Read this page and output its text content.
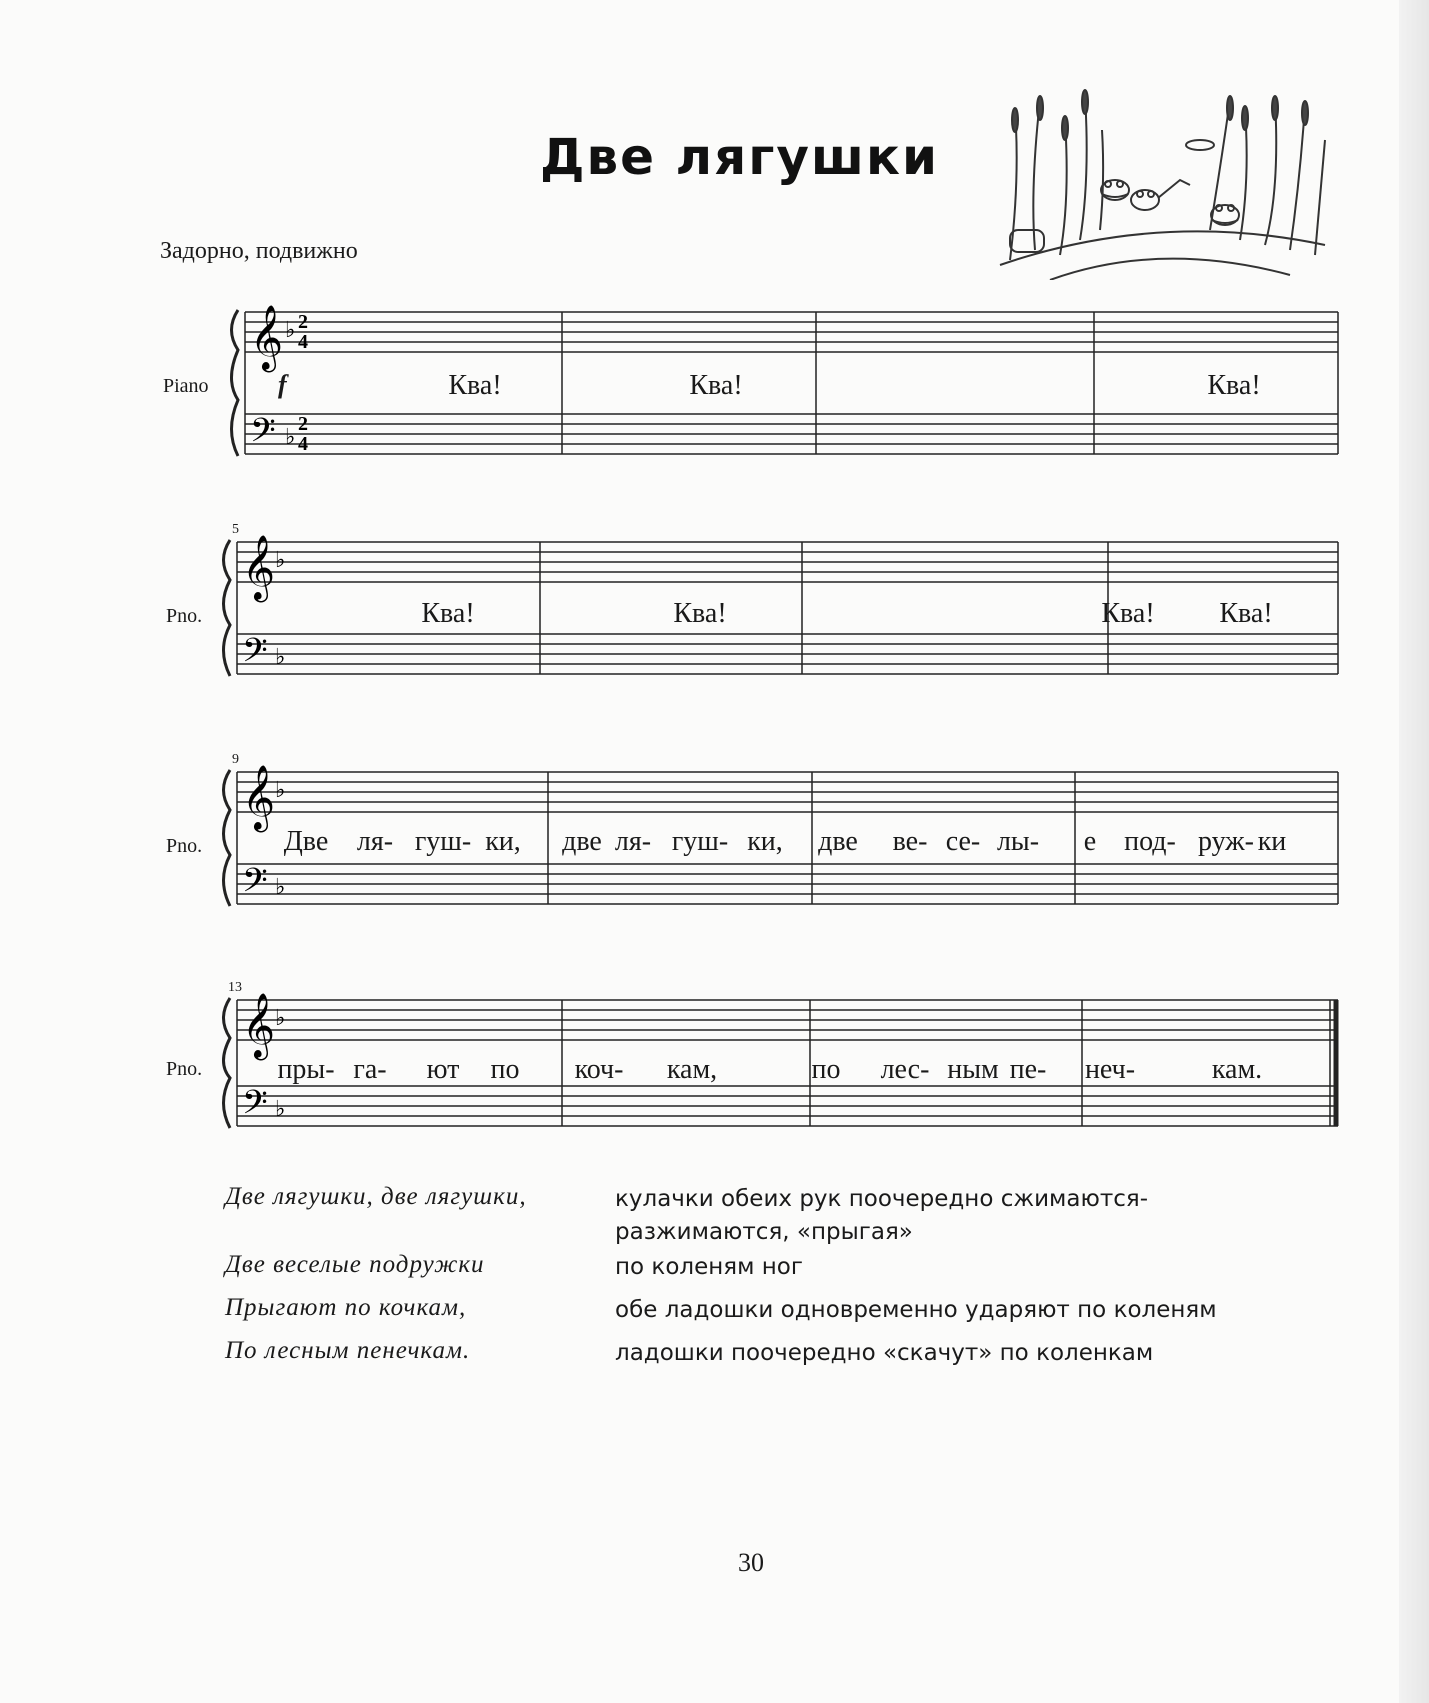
Две лягушки
Задорно, подвижно
Piano	f
𝄞
𝄢
♭
♭
2
4
2
4
Ква!	Ква!	Ква!
5
Pno.
𝄞
𝄢
♭
♭
Ква!	Ква!	Ква! Ква!
9
Pno.
𝄞
𝄢
♭
♭
Две ля- гуш- ки, две ля- гуш- ки, две ве- се- лы- е под- руж- ки
13
Pno.
𝄞
𝄢
♭
♭
пры- га- ют по коч- кам,	по лес- ным пе- неч-	кам.
Две лягушки, две лягушки,	кулачки обеих рук поочередно сжимаются-разжимаются, «прыгая»
Две веселые подружки	по коленям ног
Прыгают по кочкам,	обе ладошки одновременно ударяют по коленям
По лесным пенечкам.	ладошки поочередно «скачут» по коленкам
30
